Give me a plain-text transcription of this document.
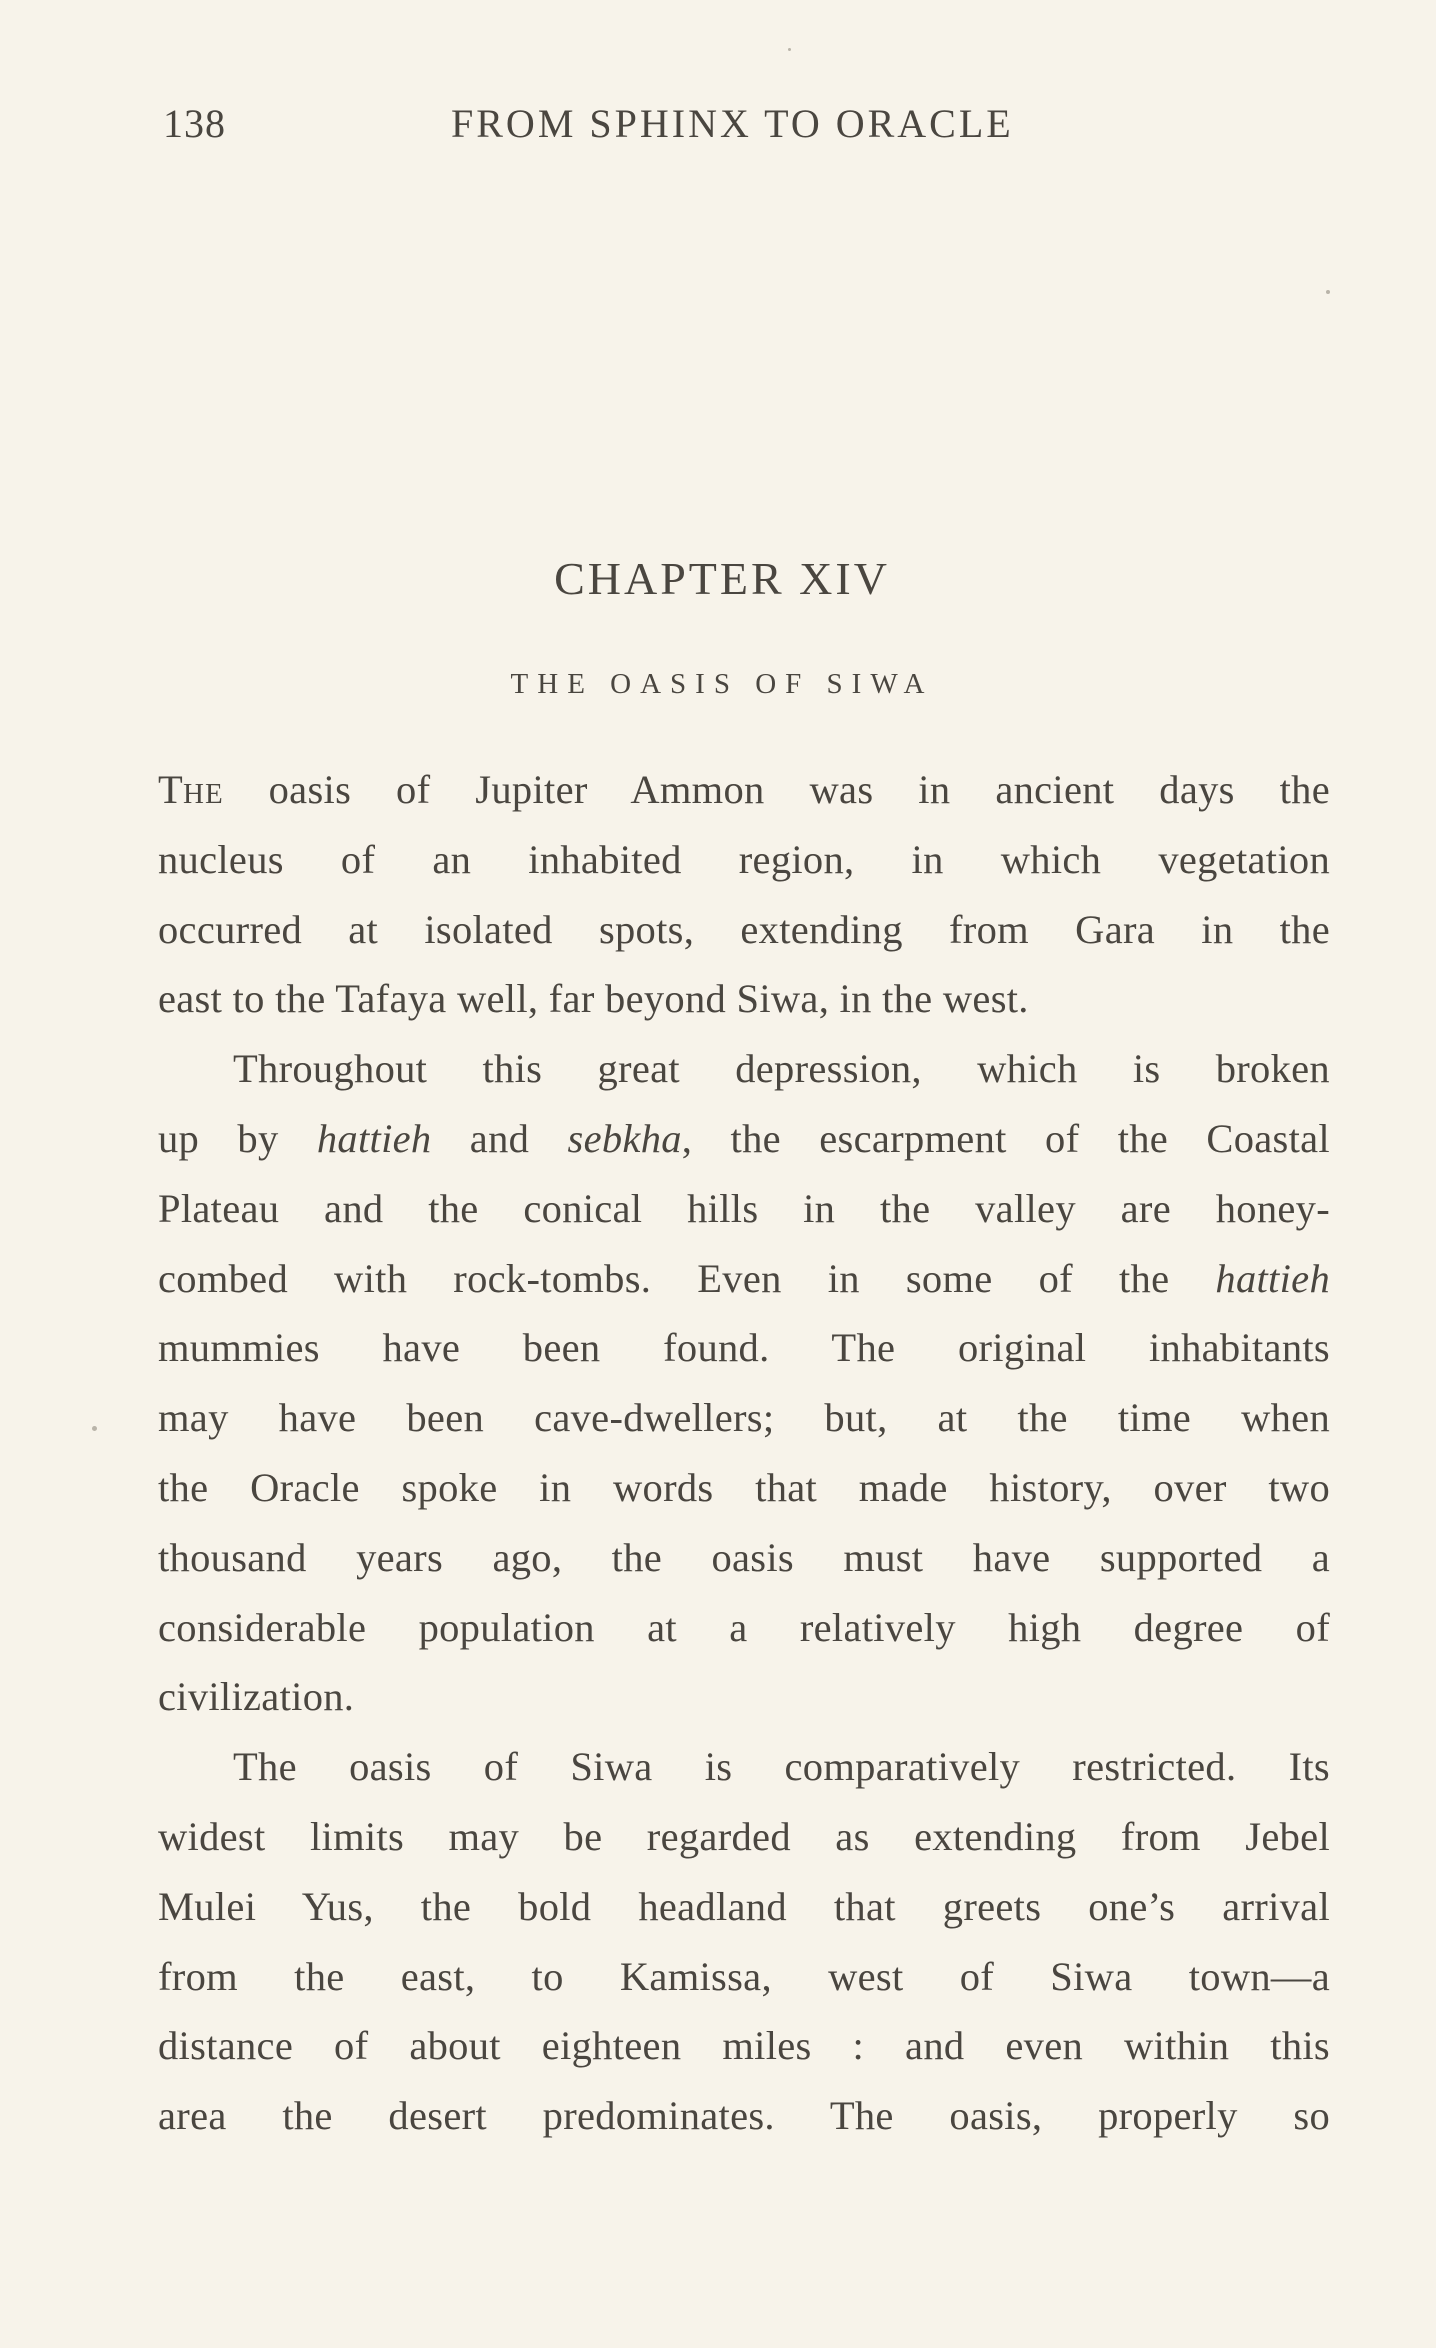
138	FROM SPHINX TO ORACLE
CHAPTER XIV
THE OASIS OF SIWA
THE oasis of Jupiter Ammon was in ancient days the
nucleus of an inhabited region, in which vegetation
occurred at isolated spots, extending from Gara in the
east to the Tafaya well, far beyond Siwa, in the west.
Throughout this great depression, which is broken
up by hattieh and sebkha, the escarpment of the Coastal
Plateau and the conical hills in the valley are honey-
combed with rock-tombs. Even in some of the hattieh
mummies have been found. The original inhabitants
may have been cave-dwellers; but, at the time when
the Oracle spoke in words that made history, over two
thousand years ago, the oasis must have supported a
considerable population at a relatively high degree of
civilization.
The oasis of Siwa is comparatively restricted. Its
widest limits may be regarded as extending from Jebel
Mulei Yus, the bold headland that greets one’s arrival
from the east, to Kamissa, west of Siwa town—a
distance of about eighteen miles : and even within this
area the desert predominates. The oasis, properly so
